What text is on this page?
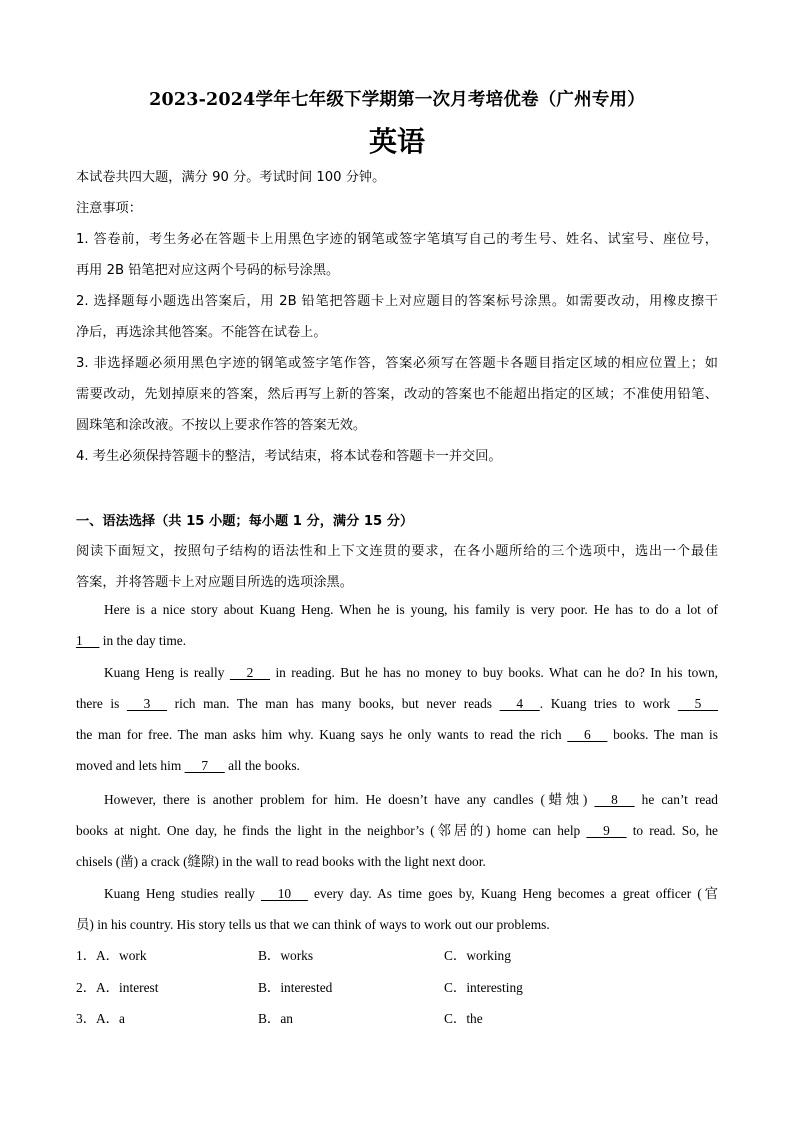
2023-2024学年七年级下学期第一次月考培优卷（广州专用）
英语
本试卷共四大题，满分 90 分。考试时间 100 分钟。
注意事项：
1. 答卷前，考生务必在答题卡上用黑色字迹的钢笔或签字笔填写自己的考生号、姓名、试室号、座位号，
再用 2B 铅笔把对应这两个号码的标号涂黑。
2. 选择题每小题选出答案后，用 2B 铅笔把答题卡上对应题目的答案标号涂黑。如需要改动，用橡皮擦干
净后，再选涂其他答案。不能答在试卷上。
3. 非选择题必须用黑色字迹的钢笔或签字笔作答，答案必须写在答题卡各题目指定区域的相应位置上；如
需要改动，先划掉原来的答案，然后再写上新的答案，改动的答案也不能超出指定的区域；不准使用铅笔、
圆珠笔和涂改液。不按以上要求作答的答案无效。
4. 考生必须保持答题卡的整洁，考试结束，将本试卷和答题卡一并交回。
一、语法选择（共 15 小题；每小题 1 分，满分 15 分）
阅读下面短文，按照句子结构的语法性和上下文连贯的要求，在各小题所给的三个选项中，选出一个最佳
答案，并将答题卡上对应题目所选的选项涂黑。
Here is a nice story about Kuang Heng. When he is young, his family is very poor. He has to do a lot of
1      in the day time.
Kuang Heng is really      2      in reading. But he has no money to buy books. What can he do? In his town,
there is      3      rich man. The man has many books, but never reads      4     . Kuang tries to work      5
the man for free. The man asks him why. Kuang says he only wants to read the rich      6      books. The man is
moved and lets him      7      all the books.
However, there is another problem for him. He doesn’t have any candles (蜡烛)      8      he can’t read
books at night. One day, he finds the light in the neighbor’s (邻居的) home can help      9      to read. So, he
chisels (凿) a crack (缝隙) in the wall to read books with the light next door.
Kuang Heng studies really      10      every day. As time goes by, Kuang Heng becomes a great officer (官
员) in his country. His story tells us that we can think of ways to work out our problems.
1． A．work	B．works	C．working
2． A．interest	B．interested	C．interesting
3． A．a	B．an	C．the
